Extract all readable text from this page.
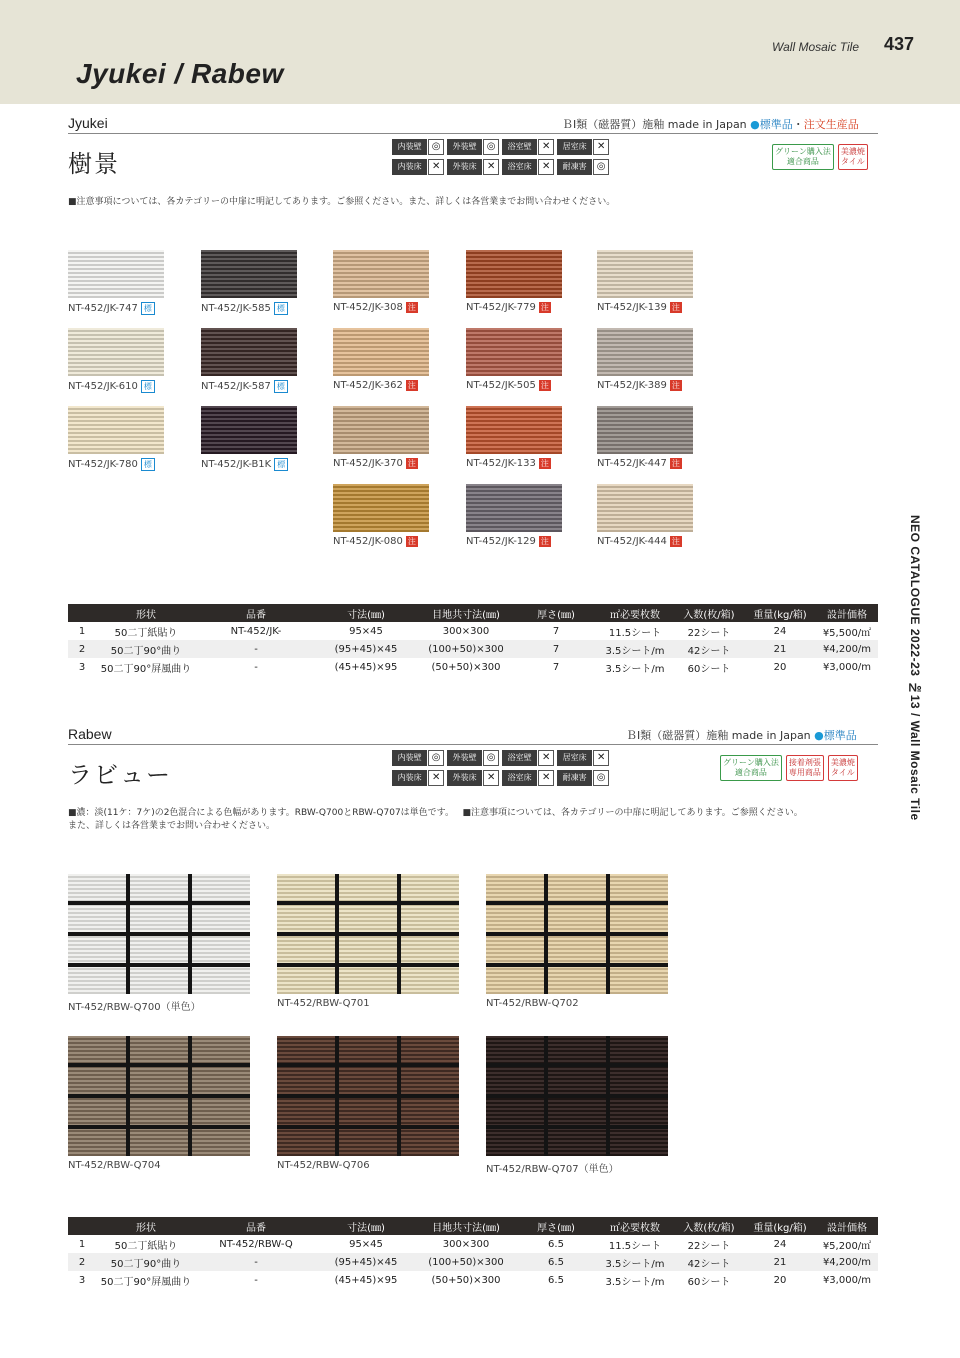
Jyukei / Rabew
Wall Mosaic Tile 437
NEO CATALOGUE 2022-23 №13 / Wall Mosaic Tile
Jyukei	ＢⅠ類（磁器質）施釉 made in Japan ●標準品・注文生産品
樹景
内装壁	◎	外装壁	◎	浴室壁	✕	居室床	✕
内装床	✕	外装床	✕	浴室床	✕	耐凍害	◎
グリーン購入法
適合商品
美濃焼
タイル
■注意事項については、各カテゴリーの中扉に明記してあります。ご参照ください。また、詳しくは各営業までお問い合わせください。
NT-452/JK-747 標	NT-452/JK-585 標	NT-452/JK-308 注	NT-452/JK-779 注	NT-452/JK-139 注
NT-452/JK-610 標	NT-452/JK-587 標	NT-452/JK-362 注	NT-452/JK-505 注	NT-452/JK-389 注
NT-452/JK-780 標	NT-452/JK-B1K 標	NT-452/JK-370 注	NT-452/JK-133 注	NT-452/JK-447 注
NT-452/JK-080 注	NT-452/JK-129 注	NT-452/JK-444 注
	形状	品番	寸法(㎜)	目地共寸法(㎜)	厚さ(㎜)	㎡必要枚数	入数(枚/箱)	重量(kg/箱)	設計価格
1	50二丁紙貼り	NT-452/JK-	95×45	300×300	7	11.5シート	22シート	24	¥5,500/㎡
2	50二丁90°曲り	-	(95+45)×45	(100+50)×300	7	3.5シート/m	42シート	21	¥4,200/m
3	50二丁90°屏風曲り	-	(45+45)×95	(50+50)×300	7	3.5シート/m	60シート	20	¥3,000/m
Rabew	ＢⅠ類（磁器質）施釉 made in Japan ●標準品
ラビュー
内装壁	◎	外装壁	◎	浴室壁	✕	居室床	✕
内装床	✕	外装床	✕	浴室床	✕	耐凍害	◎
グリーン購入法
適合商品
接着剤張
専用商品
美濃焼
タイル
■濃：淡(11ケ：7ケ)の2色混合による色幅があります。RBW-Q700とRBW-Q707は単色です。 ■注意事項については、各カテゴリーの中扉に明記してあります。ご参照ください。
また、詳しくは各営業までお問い合わせください。
NT-452/RBW-Q700（単色）	NT-452/RBW-Q701	NT-452/RBW-Q702
NT-452/RBW-Q704	NT-452/RBW-Q706	NT-452/RBW-Q707（単色）
	形状	品番	寸法(㎜)	目地共寸法(㎜)	厚さ(㎜)	㎡必要枚数	入数(枚/箱)	重量(kg/箱)	設計価格
1	50二丁紙貼り	NT-452/RBW-Q	95×45	300×300	6.5	11.5シート	22シート	24	¥5,200/㎡
2	50二丁90°曲り	-	(95+45)×45	(100+50)×300	6.5	3.5シート/m	42シート	21	¥4,200/m
3	50二丁90°屏風曲り	-	(45+45)×95	(50+50)×300	6.5	3.5シート/m	60シート	20	¥3,000/m
